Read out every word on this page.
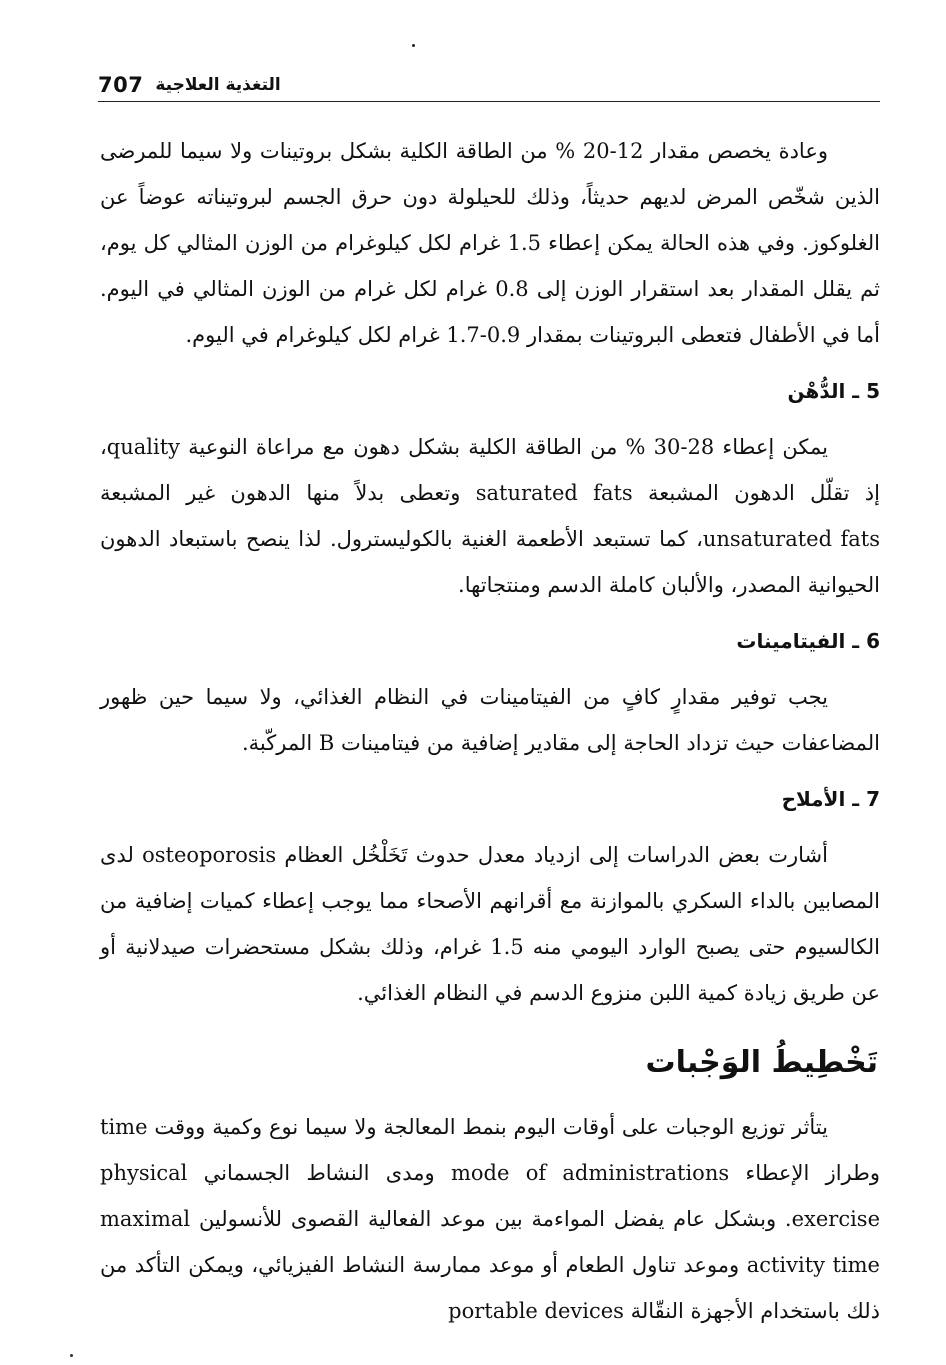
707 التغذية العلاجية

وعادة يخصص مقدار 12-20 % من الطاقة الكلية بشكل بروتينات ولا سيما للمرضى الذين شخّص المرض لديهم حديثاً، وذلك للحيلولة دون حرق الجسم لبروتيناته عوضاً عن الغلوكوز. وفي هذه الحالة يمكن إعطاء 1.5 غرام لكل كيلوغرام من الوزن المثالي كل يوم، ثم يقلل المقدار بعد استقرار الوزن إلى 0.8 غرام لكل غرام من الوزن المثالي في اليوم. أما في الأطفال فتعطى البروتينات بمقدار 0.9-1.7 غرام لكل كيلوغرام في اليوم.

5 ـ الدُّهْن

يمكن إعطاء 28-30 % من الطاقة الكلية بشكل دهون مع مراعاة النوعية quality، إذ تقلّل الدهون المشبعة saturated fats وتعطى بدلاً منها الدهون غير المشبعة unsaturated fats، كما تستبعد الأطعمة الغنية بالكوليسترول. لذا ينصح باستبعاد الدهون الحيوانية المصدر، والألبان كاملة الدسم ومنتجاتها.

6 ـ الفيتامينات

يجب توفير مقدارٍ كافٍ من الفيتامينات في النظام الغذائي، ولا سيما حين ظهور المضاعفات حيث تزداد الحاجة إلى مقادير إضافية من فيتامينات B المركّبة.

7 ـ الأملاح

أشارت بعض الدراسات إلى ازدياد معدل حدوث تَخَلْخُل العظام osteoporosis لدى المصابين بالداء السكري بالموازنة مع أقرانهم الأصحاء مما يوجب إعطاء كميات إضافية من الكالسيوم حتى يصبح الوارد اليومي منه 1.5 غرام، وذلك بشكل مستحضرات صيدلانية أو عن طريق زيادة كمية اللبن منزوع الدسم في النظام الغذائي.

تَخْطِيطُ الوَجْبات

يتأثر توزيع الوجبات على أوقات اليوم بنمط المعالجة ولا سيما نوع وكمية ووقت time وطراز الإعطاء mode of administrations ومدى النشاط الجسماني physical exercise. وبشكل عام يفضل المواءمة بين موعد الفعالية القصوى للأنسولين maximal activity time وموعد تناول الطعام أو موعد ممارسة النشاط الفيزيائي، ويمكن التأكد من ذلك باستخدام الأجهزة النقّالة portable devices
